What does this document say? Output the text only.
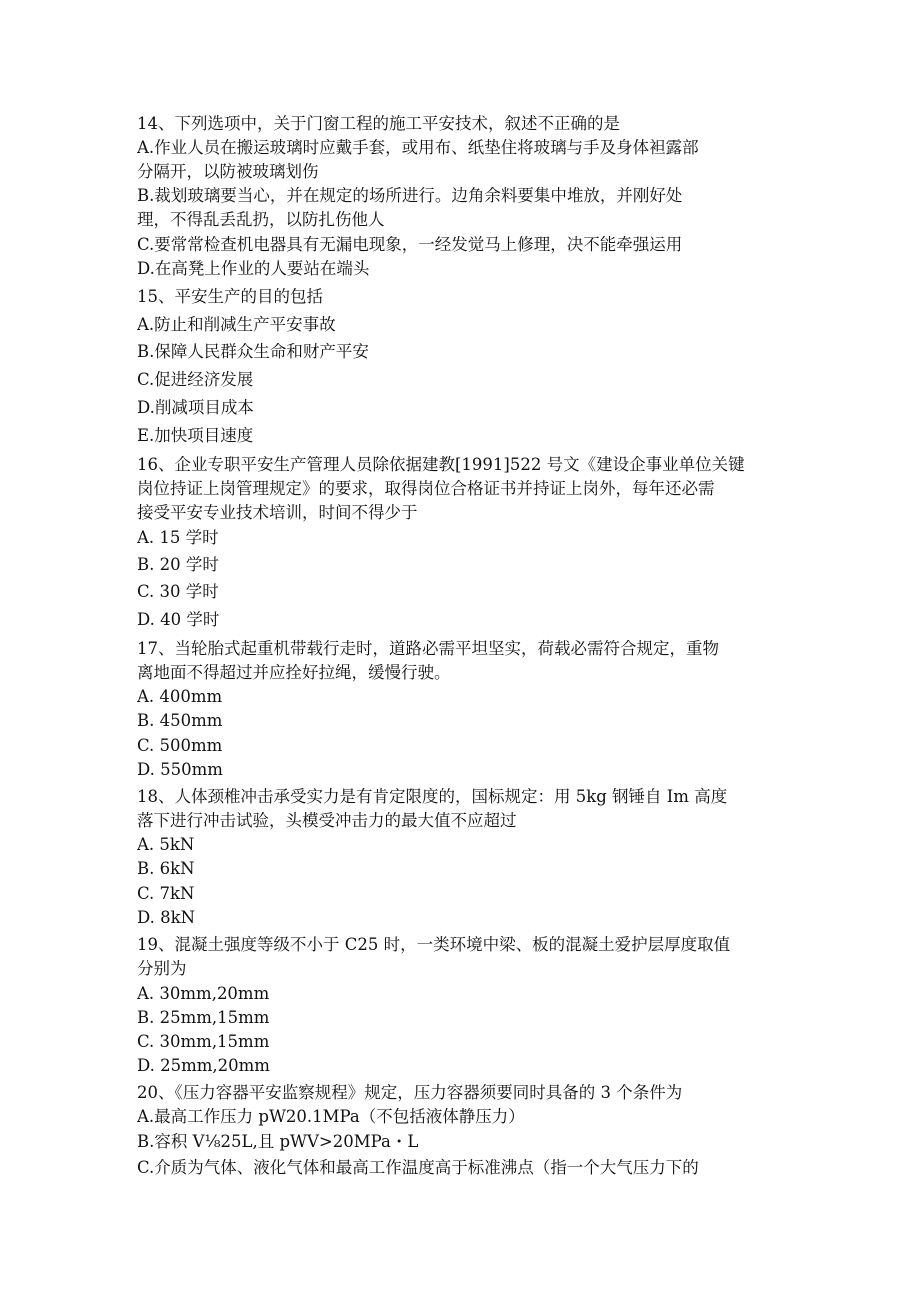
14、下列选项中，关于门窗工程的施工平安技术，叙述不正确的是
A.作业人员在搬运玻璃时应戴手套，或用布、纸垫住将玻璃与手及身体袒露部
分隔开，以防被玻璃划伤
B.裁划玻璃要当心，并在规定的场所进行。边角余料要集中堆放，并刚好处
理，不得乱丢乱扔，以防扎伤他人
C.要常常检查机电器具有无漏电现象，一经发觉马上修理，决不能牵强运用
D.在高凳上作业的人要站在端头
15、平安生产的目的包括
A.防止和削减生产平安事故
B.保障人民群众生命和财产平安
C.促进经济发展
D.削减项目成本
E.加快项目速度
16、企业专职平安生产管理人员除依据建教[1991]522 号文《建设企事业单位关键
岗位持证上岗管理规定》的要求，取得岗位合格证书并持证上岗外，每年还必需
接受平安专业技术培训，时间不得少于
A. 15 学时
B. 20 学时
C. 30 学时
D. 40 学时
17、当轮胎式起重机带载行走时，道路必需平坦坚实，荷载必需符合规定，重物
离地面不得超过并应拴好拉绳，缓慢行驶。
A. 400mm
B. 450mm
C. 500mm
D. 550mm
18、人体颈椎冲击承受实力是有肯定限度的，国标规定：用 5kg 钢锤自 Im 高度
落下进行冲击试验，头模受冲击力的最大值不应超过
A. 5kN
B. 6kN
C. 7kN
D. 8kN
19、混凝土强度等级不小于 C25 时，一类环境中梁、板的混凝土爱护层厚度取值
分别为
A. 30mm,20mm
B. 25mm,15mm
C. 30mm,15mm
D. 25mm,20mm
20、《压力容器平安监察规程》规定，压力容器须要同时具备的 3 个条件为
A.最高工作压力 pW20.1MPa（不包括液体静压力）
B.容积 V⅛25L,且 pWV>20MPa・L
C.介质为气体、液化气体和最高工作温度高于标准沸点（指一个大气压力下的
